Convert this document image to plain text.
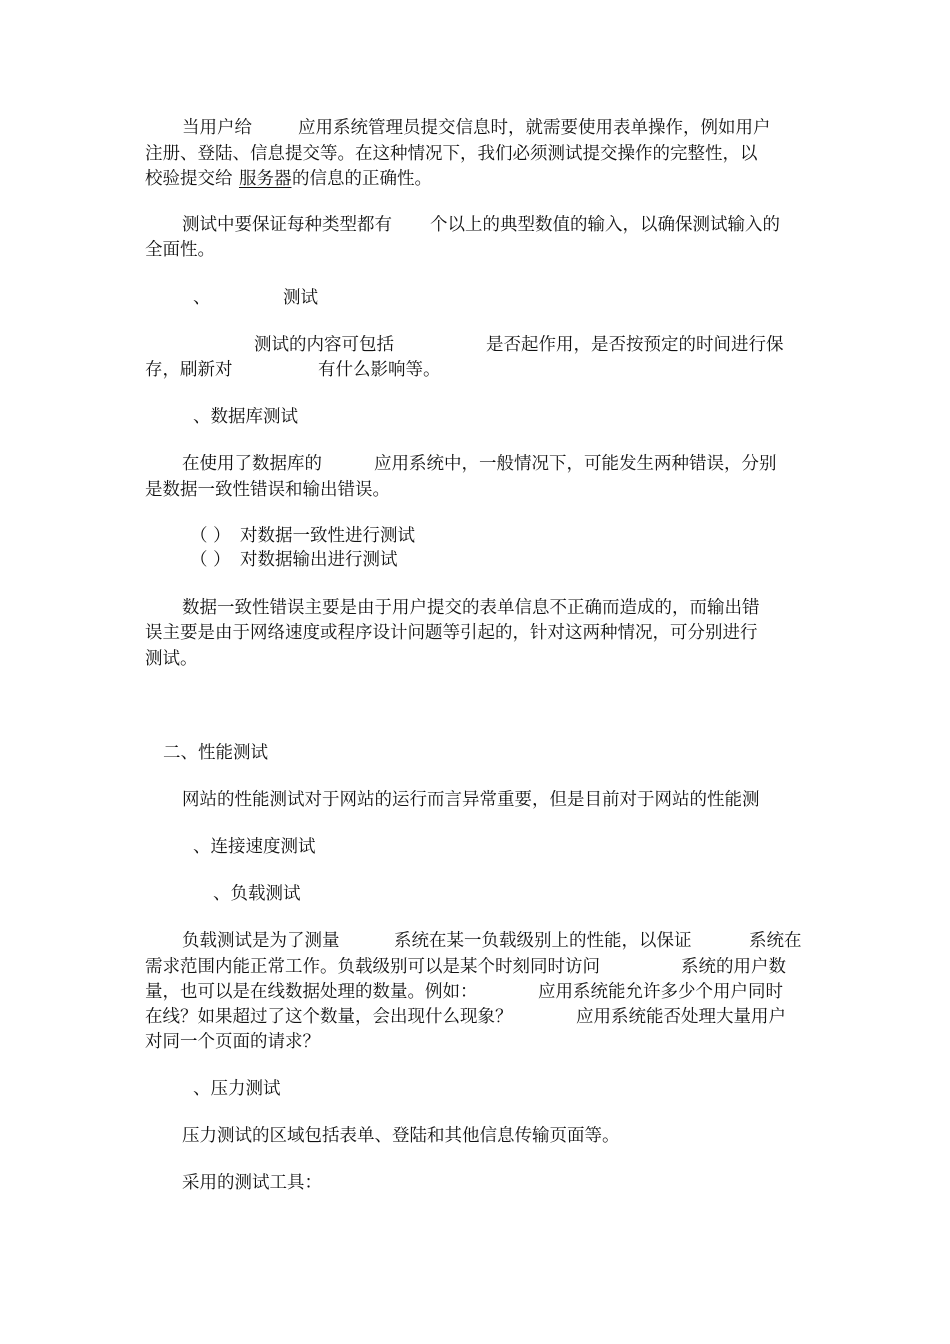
当用户给	应用系统管理员提交信息时，就需要使用表单操作，例如用户
注册、登陆、信息提交等。在这种情况下，我们必须测试提交操作的完整性，以
校验提交给 服务器 的信息的正确性。
测试中要保证每种类型都有 个以上的典型数值的输入，以确保测试输入的
全面性。
、	测试
测试的内容可包括	是否起作用，是否按预定的时间进行保
存，刷新对	有什么影响等。
、数据库测试
在使用了数据库的	应用系统中，一般情况下，可能发生两种错误，分别
是数据一致性错误和输出错误。
（ ） 对数据一致性进行测试
（ ） 对数据输出进行测试
数据一致性错误主要是由于用户提交的表单信息不正确而造成的，而输出错
误主要是由于网络速度或程序设计问题等引起的，针对这两种情况，可分别进行
测试。
二、性能测试
网站的性能测试对于网站的运行而言异常重要，但是目前对于网站的性能测
、连接速度测试
、负载测试
负载测试是为了测量	系统在某一负载级别上的性能，以保证	系统在
需求范围内能正常工作。负载级别可以是某个时刻同时访问	系统的用户数
量，也可以是在线数据处理的数量。例如：	应用系统能允许多少个用户同时
在线？如果超过了这个数量，会出现什么现象？	应用系统能否处理大量用户
对同一个页面的请求？
、压力测试
压力测试的区域包括表单、登陆和其他信息传输页面等。
采用的测试工具：
